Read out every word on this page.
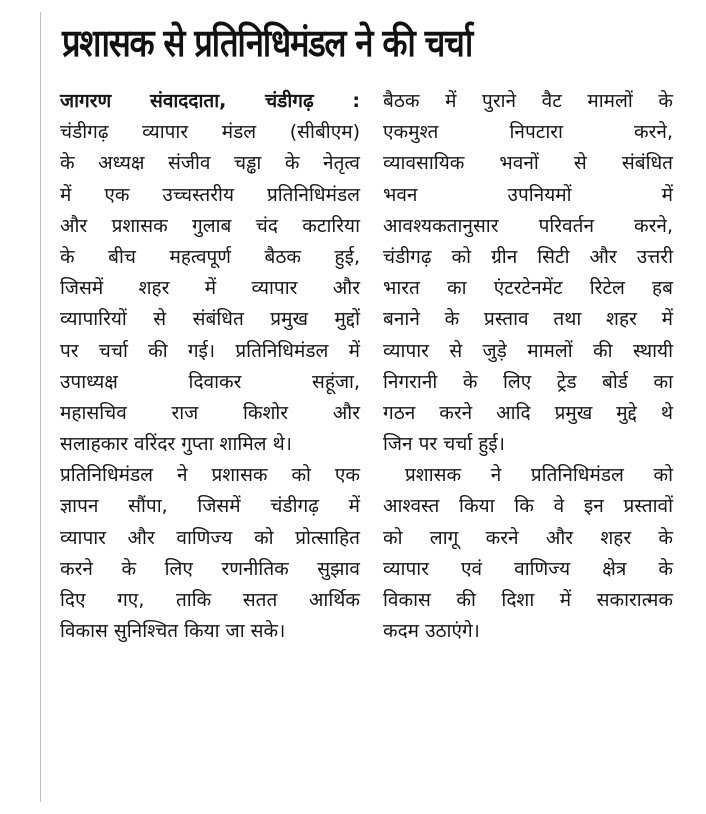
प्रशासक से प्रतिनिधिमंडल ने की चर्चा
जागरण संवाददाता, चंडीगढ़ :
चंडीगढ़ व्यापार मंडल (सीबीएम)
के अध्यक्ष संजीव चड्ढा के नेतृत्व
में एक उच्चस्तरीय प्रतिनिधिमंडल
और प्रशासक गुलाब चंद कटारिया
के बीच महत्वपूर्ण बैठक हुई,
जिसमें शहर में व्यापार और
व्यापारियों से संबंधित प्रमुख मुद्दों
पर चर्चा की गई। प्रतिनिधिमंडल में
उपाध्यक्ष दिवाकर सहूंजा,
महासचिव राज किशोर और
सलाहकार वरिंदर गुप्ता शामिल थे।
प्रतिनिधिमंडल ने प्रशासक को एक
ज्ञापन सौंपा, जिसमें चंडीगढ़ में
व्यापार और वाणिज्य को प्रोत्साहित
करने के लिए रणनीतिक सुझाव
दिए गए, ताकि सतत आर्थिक
विकास सुनिश्चित किया जा सके।
बैठक में पुराने वैट मामलों के
एकमुश्त निपटारा करने,
व्यावसायिक भवनों से संबंधित
भवन उपनियमों में
आवश्यकतानुसार परिवर्तन करने,
चंडीगढ़ को ग्रीन सिटी और उत्तरी
भारत का एंटरटेनमेंट रिटेल हब
बनाने के प्रस्ताव तथा शहर में
व्यापार से जुड़े मामलों की स्थायी
निगरानी के लिए ट्रेड बोर्ड का
गठन करने आदि प्रमुख मुद्दे थे
जिन पर चर्चा हुई।
प्रशासक ने प्रतिनिधिमंडल को
आश्वस्त किया कि वे इन प्रस्तावों
को लागू करने और शहर के
व्यापार एवं वाणिज्य क्षेत्र के
विकास की दिशा में सकारात्मक
कदम उठाएंगे।
